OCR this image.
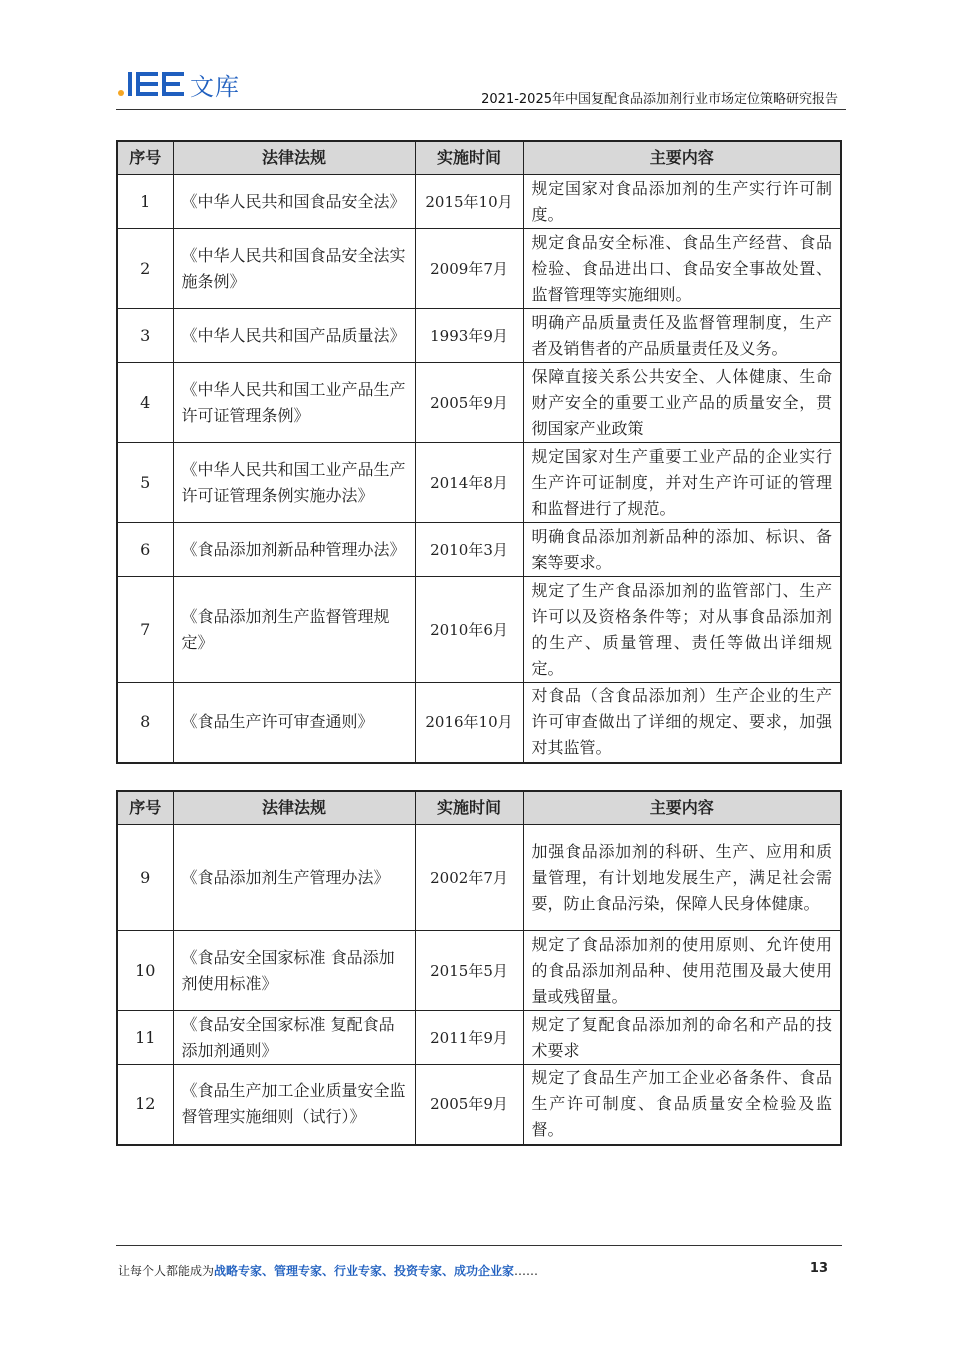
文库	2021-2025年中国复配食品添加剂行业市场定位策略研究报告
序号	法律法规	实施时间	主要内容
1	《中华人民共和国食品安全法》	2015年10月	规定国家对食品添加剂的生产实行许可制度。
2	《中华人民共和国食品安全法实施条例》	2009年7月	规定食品安全标准、食品生产经营、食品检验、食品进出口、食品安全事故处置、监督管理等实施细则。
3	《中华人民共和国产品质量法》	1993年9月	明确产品质量责任及监督管理制度，生产者及销售者的产品质量责任及义务。
4	《中华人民共和国工业产品生产许可证管理条例》	2005年9月	保障直接关系公共安全、人体健康、生命财产安全的重要工业产品的质量安全，贯彻国家产业政策
5	《中华人民共和国工业产品生产许可证管理条例实施办法》	2014年8月	规定国家对生产重要工业产品的企业实行生产许可证制度，并对生产许可证的管理和监督进行了规范。
6	《食品添加剂新品种管理办法》	2010年3月	明确食品添加剂新品种的添加、标识、备案等要求。
7	《食品添加剂生产监督管理规定》	2010年6月	规定了生产食品添加剂的监管部门、生产许可以及资格条件等；对从事食品添加剂的生产、质量管理、责任等做出详细规定。
8	《食品生产许可审查通则》	2016年10月	对食品（含食品添加剂）生产企业的生产许可审查做出了详细的规定、要求，加强对其监管。
序号	法律法规	实施时间	主要内容
9	《食品添加剂生产管理办法》	2002年7月	加强食品添加剂的科研、生产、应用和质量管理，有计划地发展生产，满足社会需要，防止食品污染，保障人民身体健康。
10	《食品安全国家标准 食品添加剂使用标准》	2015年5月	规定了食品添加剂的使用原则、允许使用的食品添加剂品种、使用范围及最大使用量或残留量。
11	《食品安全国家标准 复配食品添加剂通则》	2011年9月	规定了复配食品添加剂的命名和产品的技术要求
12	《食品生产加工企业质量安全监督管理实施细则（试行）》	2005年9月	规定了食品生产加工企业必备条件、食品生产许可制度、食品质量安全检验及监督。
让每个人都能成为战略专家、管理专家、行业专家、投资专家、成功企业家……	13
